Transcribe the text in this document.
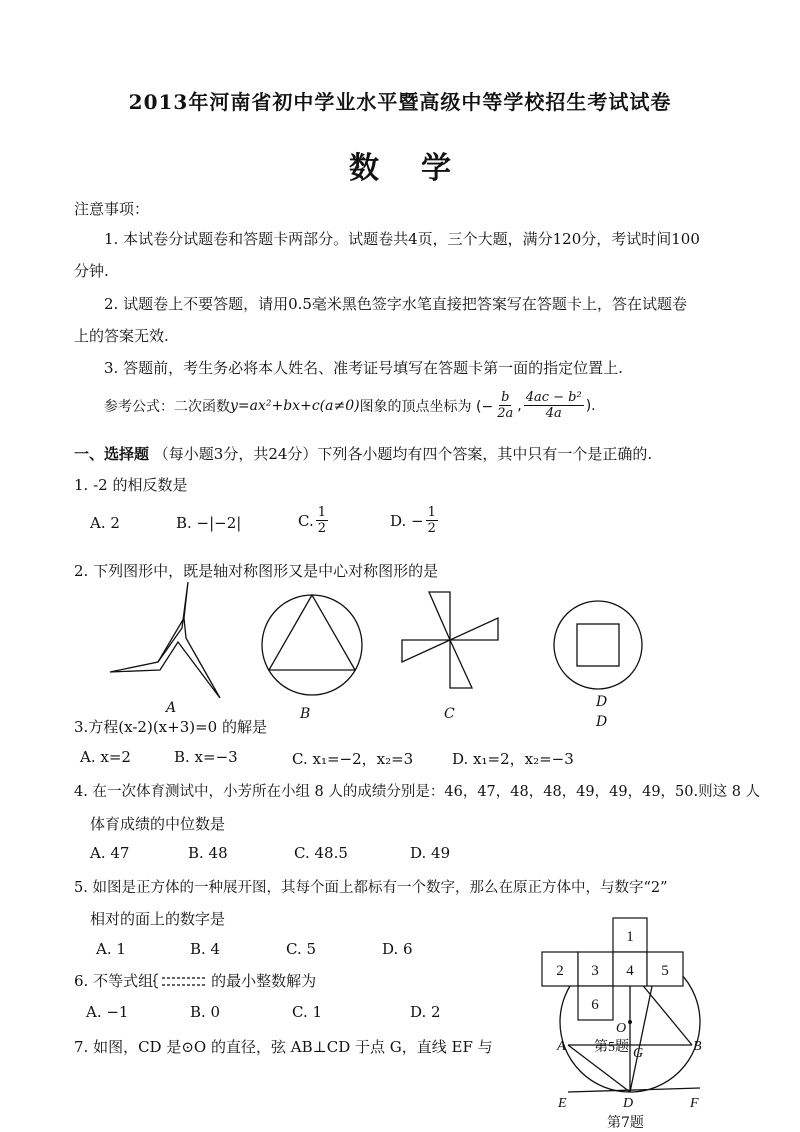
2013年河南省初中学业水平暨高级中等学校招生考试试卷
数学
注意事项：
1. 本试卷分试题卷和答题卡两部分。试题卷共4页，三个大题，满分120分，考试时间100
分钟.
2. 试题卷上不要答题，请用0.5毫米黑色签字水笔直接把答案写在答题卡上，答在试题卷
上的答案无效.
3. 答题前，考生务必将本人姓名、准考证号填写在答题卡第一面的指定位置上.
参考公式：二次函数 y=ax²+bx+c(a≠0) 图象的顶点坐标为 (− $\frac{b}{2a}$ , $\frac{\text{4ac − b²}}{4a}$ ).
一、选择题 （每小题3分，共24分）下列各小题均有四个答案，其中只有一个是正确的.
1. -2 的相反数是
A. 2	B. −|−2|	C. $\frac{1}{2}$	D. − $\frac{1}{2}$
2. 下列图形中，既是轴对称图形又是中心对称图形的是
A	B	C
D
D
3.方程(x-2)(x+3)=0 的解是
A. x=2	B. x=−3	C. x₁=−2，x₂=3	D. x₁=2，x₂=−3
4. 在一次体育测试中，小芳所在小组 8 人的成绩分别是：46，47，48，48，49，49，49，50.则这 8 人
体育成绩的中位数是
A. 47	B. 48	C. 48.5	D. 49
5. 如图是正方体的一种展开图，其每个面上都标有一个数字，那么在原正方体中，与数字“2”
相对的面上的数字是
A. 1	B. 4	C. 5	D. 6
6. 不等式组	的最小整数解为
A. −1	B. 0	C. 1	D. 2
7. 如图，CD 是⊙O 的直径，弦 AB⊥CD 于点 G，直线 EF 与
1
2 3 4 5
6
O
A	B
G
D
E	F
第5题
第7题
